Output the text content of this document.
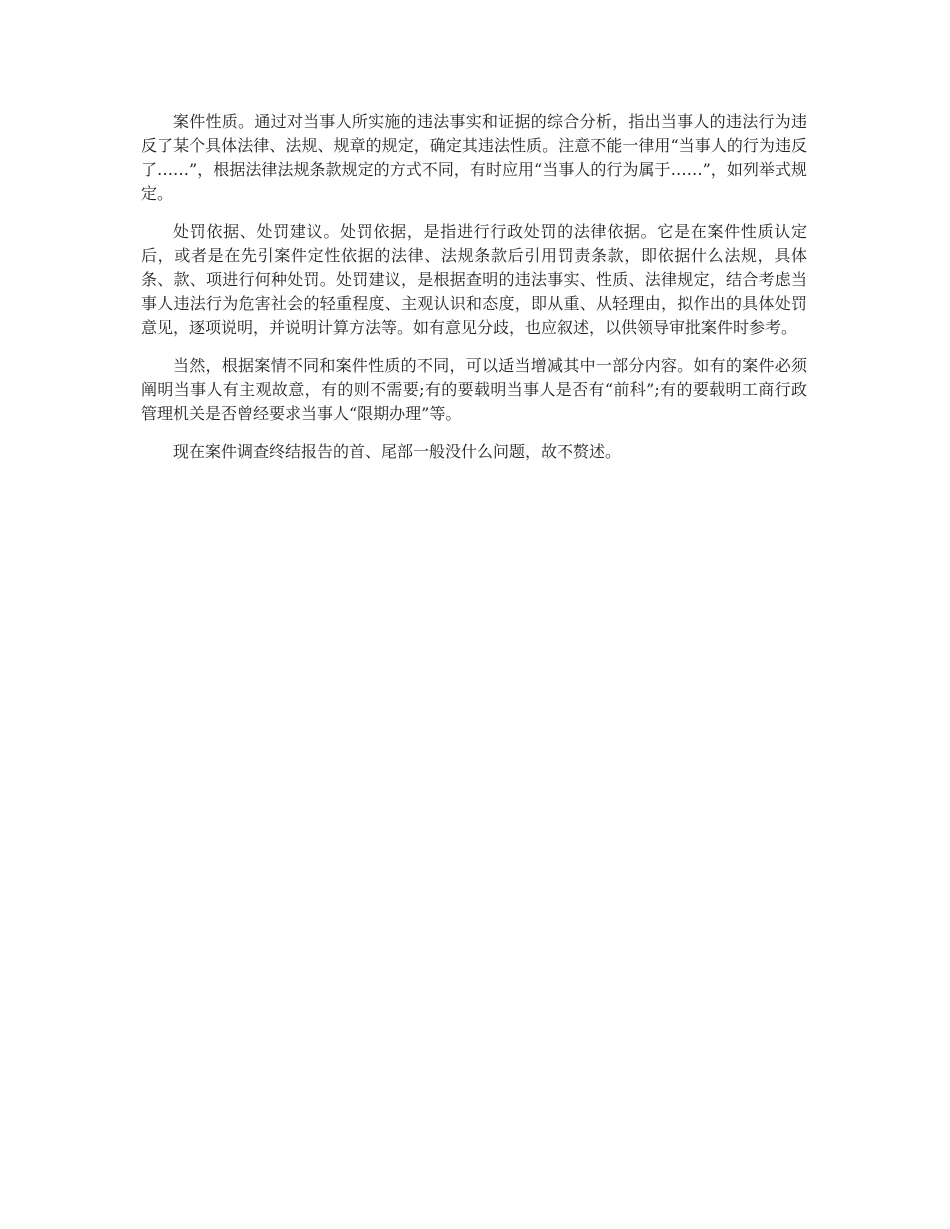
案件性质。通过对当事人所实施的违法事实和证据的综合分析，指出当事人的违法行为违反了某个具体法律、法规、规章的规定，确定其违法性质。注意不能一律用“当事人的行为违反了……”，根据法律法规条款规定的方式不同，有时应用“当事人的行为属于……”，如列举式规定。

处罚依据、处罚建议。处罚依据，是指进行行政处罚的法律依据。它是在案件性质认定后，或者是在先引案件定性依据的法律、法规条款后引用罚责条款，即依据什么法规，具体条、款、项进行何种处罚。处罚建议，是根据查明的违法事实、性质、法律规定，结合考虑当事人违法行为危害社会的轻重程度、主观认识和态度，即从重、从轻理由，拟作出的具体处罚意见，逐项说明，并说明计算方法等。如有意见分歧，也应叙述，以供领导审批案件时参考。

当然，根据案情不同和案件性质的不同，可以适当增减其中一部分内容。如有的案件必须阐明当事人有主观故意，有的则不需要;有的要载明当事人是否有“前科”;有的要载明工商行政管理机关是否曾经要求当事人“限期办理”等。

现在案件调查终结报告的首、尾部一般没什么问题，故不赘述。
